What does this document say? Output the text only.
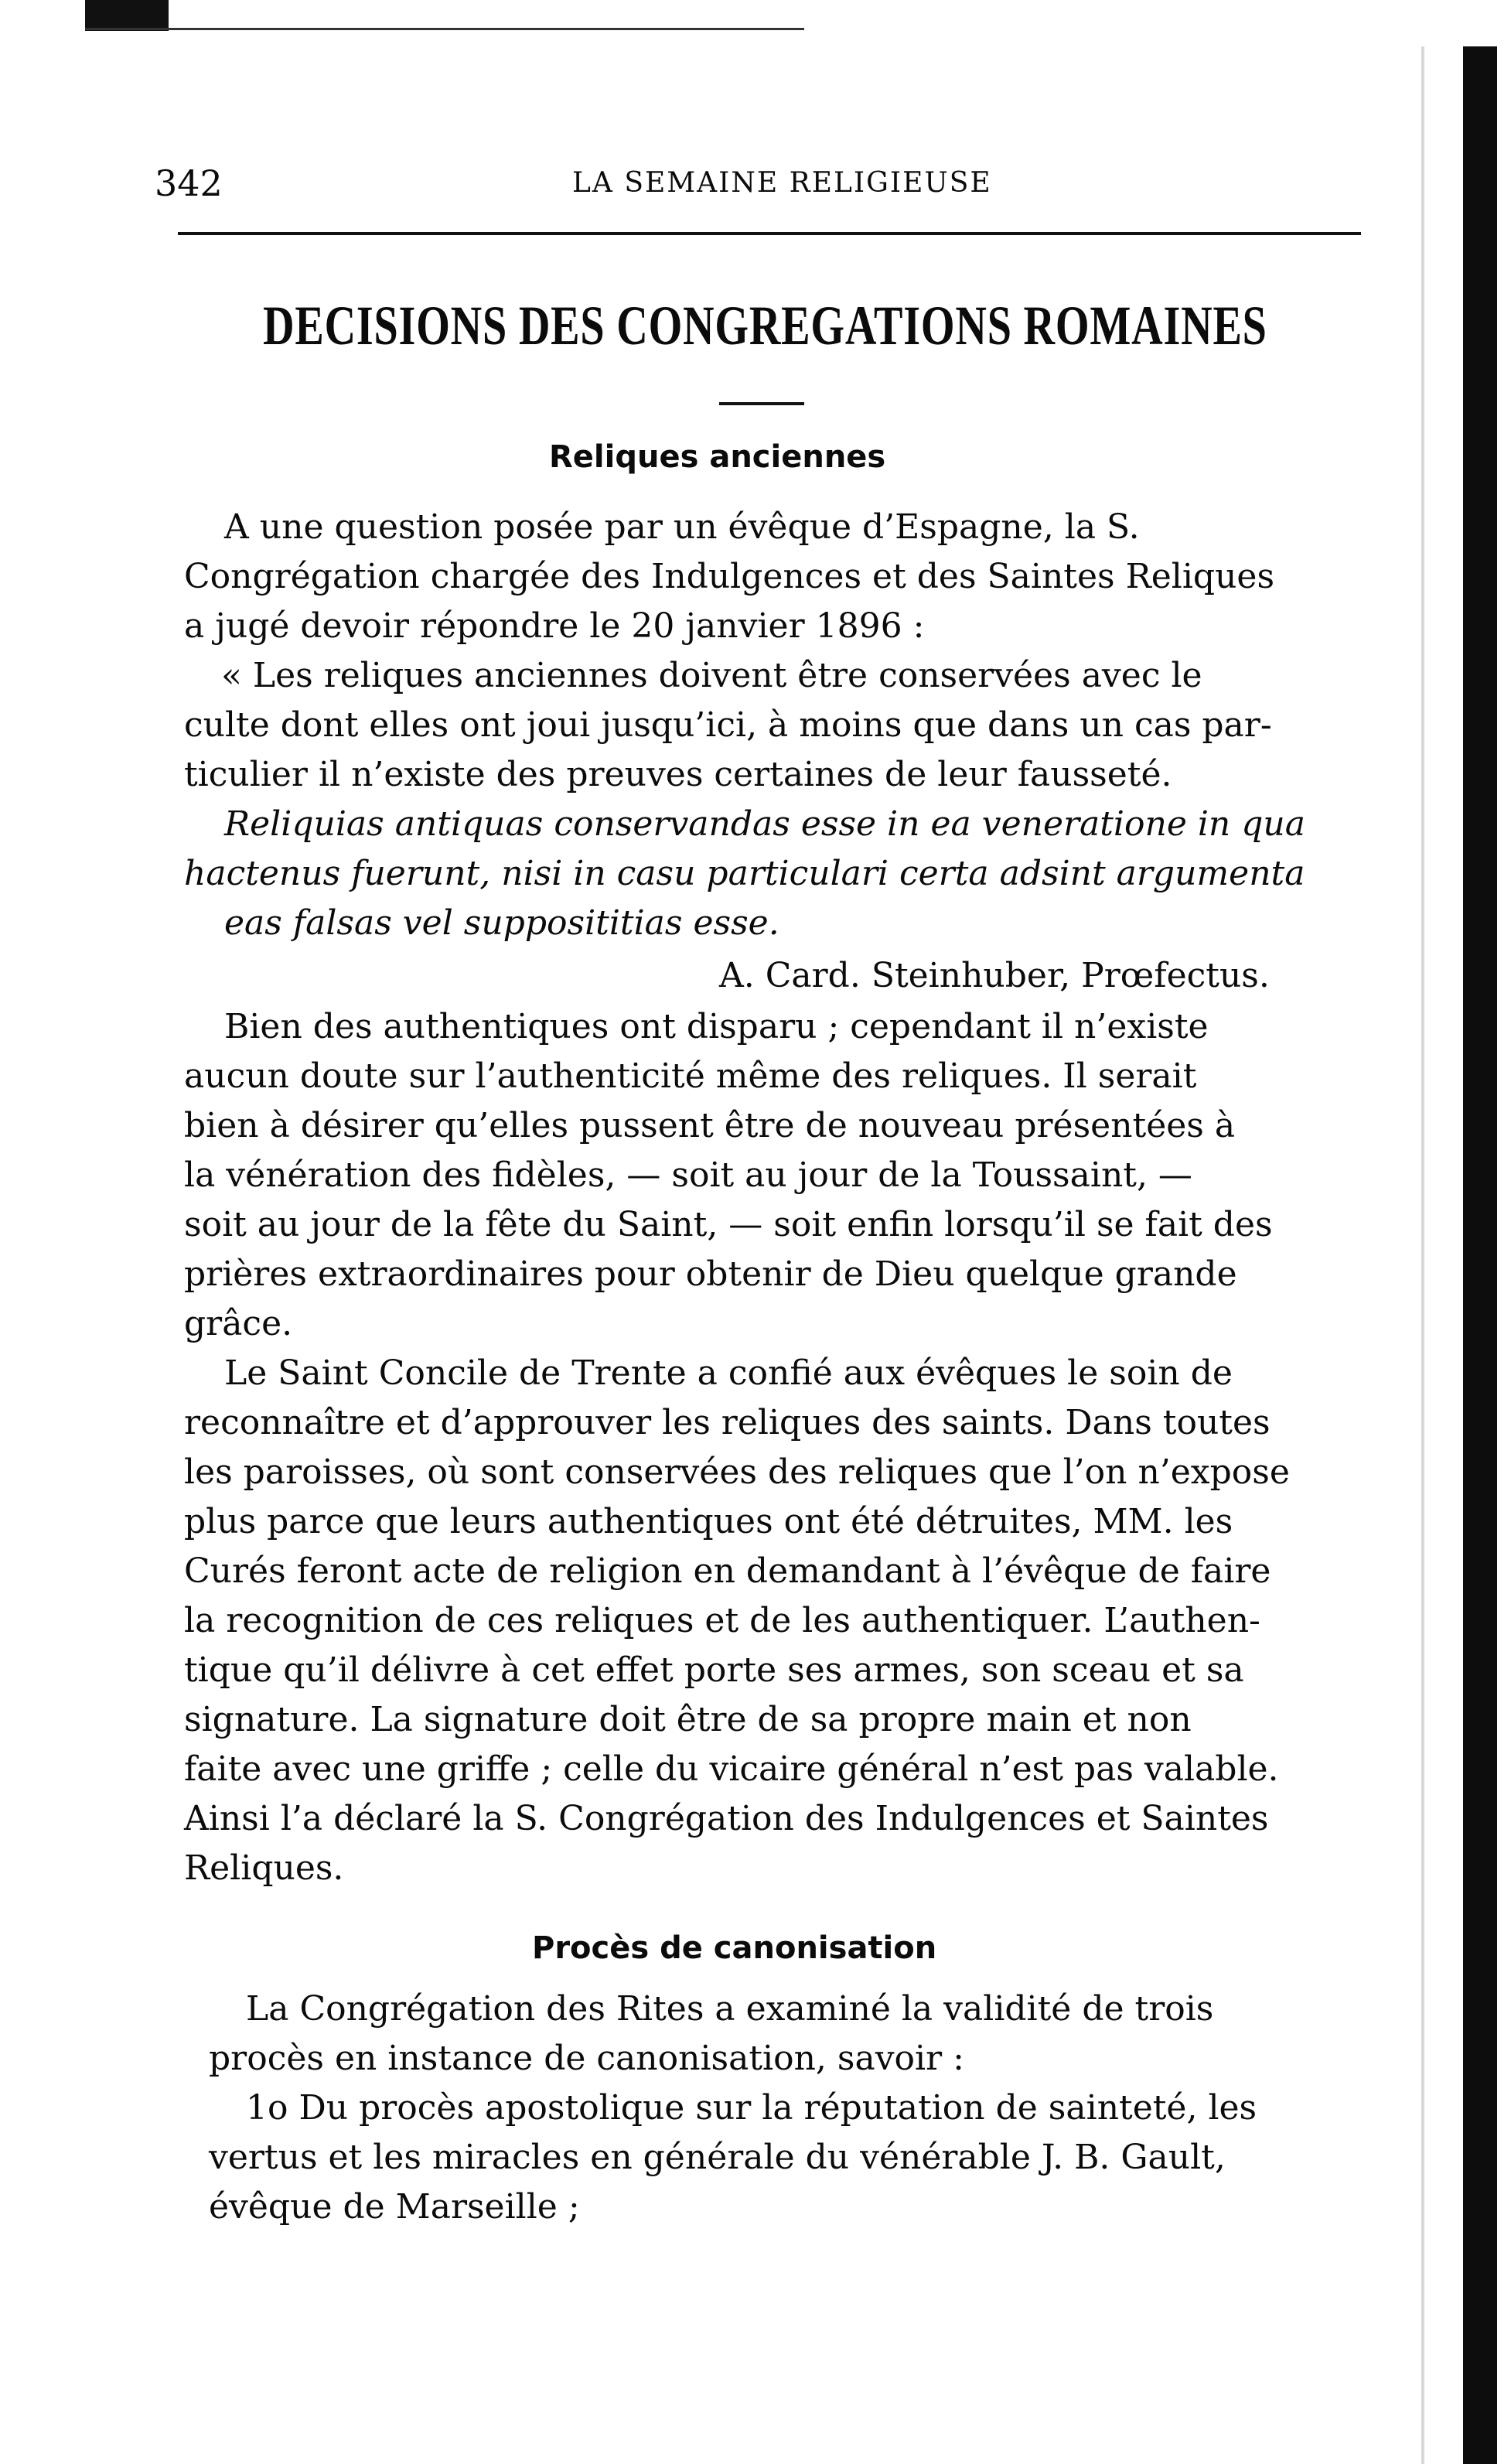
342	LA SEMAINE RELIGIEUSE
DECISIONS DES CONGREGATIONS ROMAINES
Reliques anciennes
A une question posée par un évêque d’Espagne, la S.
Congrégation chargée des Indulgences et des Saintes Reliques
a jugé devoir répondre le 20 janvier 1896 :
« Les reliques anciennes doivent être conservées avec le
culte dont elles ont joui jusqu’ici, à moins que dans un cas par-
ticulier il n’existe des preuves certaines de leur fausseté.
Reliquias antiquas conservandas esse in ea veneratione in qua
hactenus fuerunt, nisi in casu particulari certa adsint argumenta
eas falsas vel supposititias esse.
A. Card. Steinhuber, Prœfectus.
Bien des authentiques ont disparu ; cependant il n’existe
aucun doute sur l’authenticité même des reliques. Il serait
bien à désirer qu’elles pussent être de nouveau présentées à
la vénération des fidèles, — soit au jour de la Toussaint, —
soit au jour de la fête du Saint, — soit enfin lorsqu’il se fait des
prières extraordinaires pour obtenir de Dieu quelque grande
grâce.
Le Saint Concile de Trente a confié aux évêques le soin de
reconnaître et d’approuver les reliques des saints. Dans toutes
les paroisses, où sont conservées des reliques que l’on n’expose
plus parce que leurs authentiques ont été détruites, MM. les
Curés feront acte de religion en demandant à l’évêque de faire
la recognition de ces reliques et de les authentiquer. L’authen-
tique qu’il délivre à cet effet porte ses armes, son sceau et sa
signature. La signature doit être de sa propre main et non
faite avec une griffe ; celle du vicaire général n’est pas valable.
Ainsi l’a déclaré la S. Congrégation des Indulgences et Saintes
Reliques.
Procès de canonisation
La Congrégation des Rites a examiné la validité de trois
procès en instance de canonisation, savoir :
1o Du procès apostolique sur la réputation de sainteté, les
vertus et les miracles en générale du vénérable J. B. Gault,
évêque de Marseille ;
